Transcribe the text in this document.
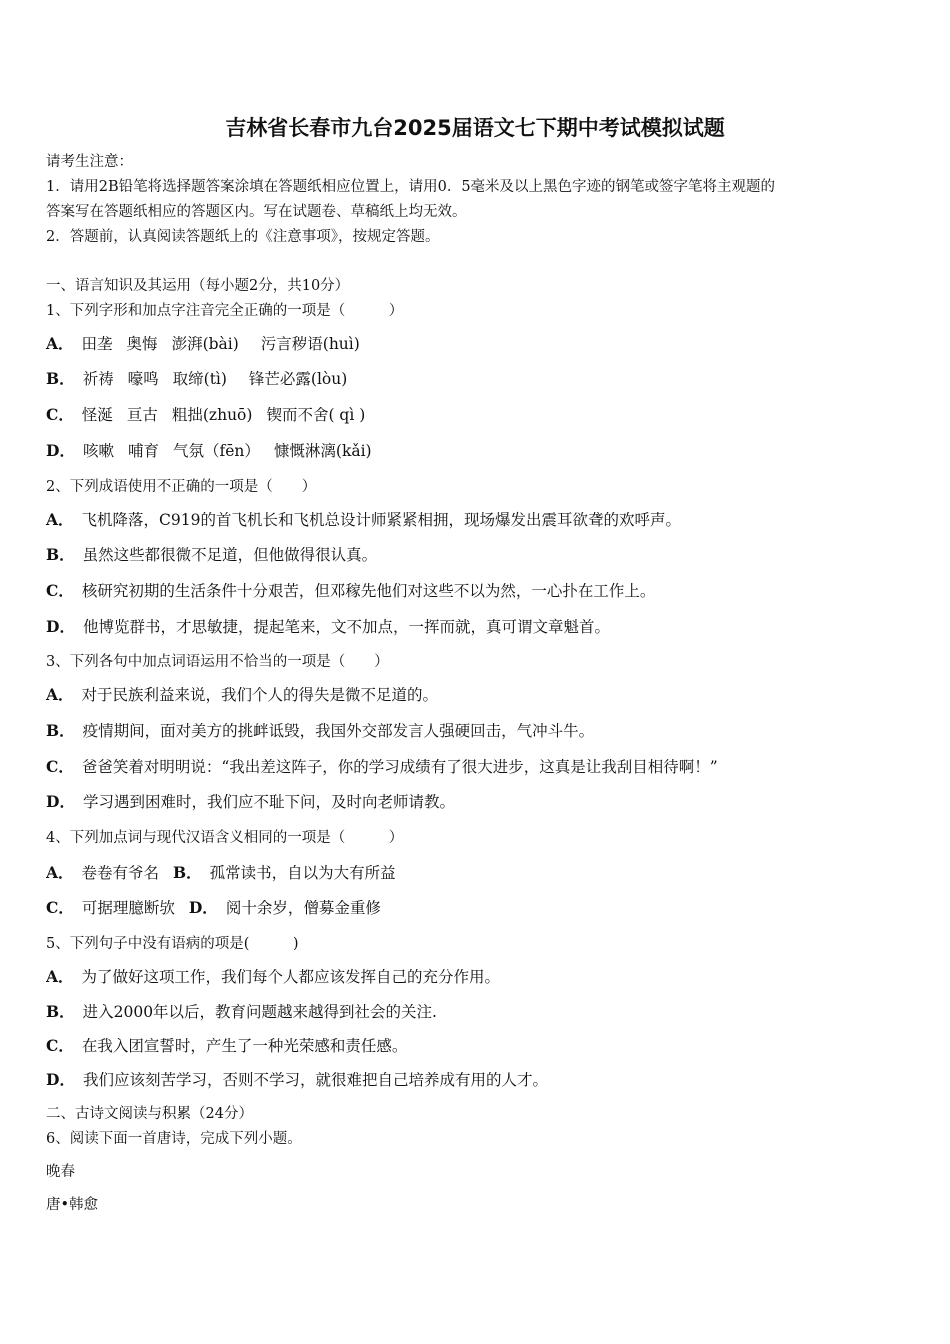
吉林省长春市九台2025届语文七下期中考试模拟试题
请考生注意：
1．请用2B铅笔将选择题答案涂填在答题纸相应位置上，请用0．5毫米及以上黑色字迹的钢笔或签字笔将主观题的
答案写在答题纸相应的答题区内。写在试题卷、草稿纸上均无效。
2．答题前，认真阅读答题纸上的《注意事项》，按规定答题。
一、语言知识及其运用（每小题2分，共10分）
1、下列字形和加点字注音完全正确的一项是（　　　）
A． 田垄 奥悔 澎湃(bài) 污言秽语(huì)
B． 祈祷 嚎鸣 取缔(tì) 锋芒必露(lòu)
C． 怪涎 亘古 粗拙(zhuō) 锲而不舍( qì )
D． 咳嗽 哺育 气氛（fēn） 慷慨淋漓(kǎi)
2、下列成语使用不正确的一项是（　　）
A． 飞机降落，C919的首飞机长和飞机总设计师紧紧相拥，现场爆发出震耳欲聋的欢呼声。
B． 虽然这些都很微不足道，但他做得很认真。
C． 核研究初期的生活条件十分艰苦，但邓稼先他们对这些不以为然，一心扑在工作上。
D． 他博览群书，才思敏捷，提起笔来，文不加点，一挥而就，真可谓文章魁首。
3、下列各句中加点词语运用不恰当的一项是（　　）
A． 对于民族利益来说，我们个人的得失是微不足道的。
B． 疫情期间，面对美方的挑衅诋毁，我国外交部发言人强硬回击，气冲斗牛。
C． 爸爸笑着对明明说：“我出差这阵子，你的学习成绩有了很大进步，这真是让我刮目相待啊！”
D． 学习遇到困难时，我们应不耻下问，及时向老师请教。
4、下列加点词与现代汉语含义相同的一项是（　　　）
A． 卷卷有爷名 B． 孤常读书，自以为大有所益
C． 可据理臆断欤 D． 阅十余岁，僧募金重修
5、下列句子中没有语病的项是(　　　)
A． 为了做好这项工作，我们每个人都应该发挥自己的充分作用。
B． 进入2000年以后，教育问题越来越得到社会的关注.
C． 在我入团宣誓时，产生了一种光荣感和责任感。
D． 我们应该刻苦学习，否则不学习，就很难把自己培养成有用的人才。
二、古诗文阅读与积累（24分）
6、阅读下面一首唐诗，完成下列小题。
晚春
唐•韩愈
